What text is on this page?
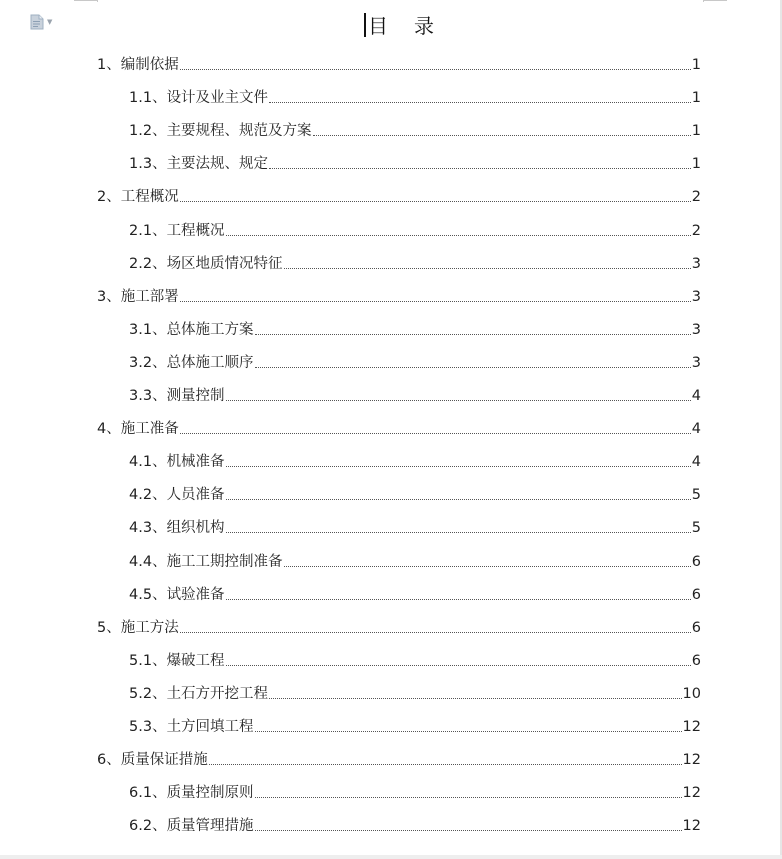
▼	目 录
1 、 编制依据	1
1.1 、 设计及业主文件	1
1.2 、 主要规程、规范及方案	1
1.3 、 主要法规、规定	1
2 、 工程概况	2
2.1 、 工程概况	2
2.2 、 场区地质情况特征	3
3 、 施工部署	3
3.1 、 总体施工方案	3
3.2 、 总体施工顺序	3
3.3 、 测量控制	4
4 、 施工准备	4
4.1 、 机械准备	4
4.2 、 人员准备	5
4.3 、 组织机构	5
4.4 、 施工工期控制准备	6
4.5 、 试验准备	6
5 、 施工方法	6
5.1 、 爆破工程	6
5.2 、 土石方开挖工程	10
5.3 、 土方回填工程	12
6 、 质量保证措施	12
6.1 、 质量控制原则	12
6.2 、 质量管理措施	12
